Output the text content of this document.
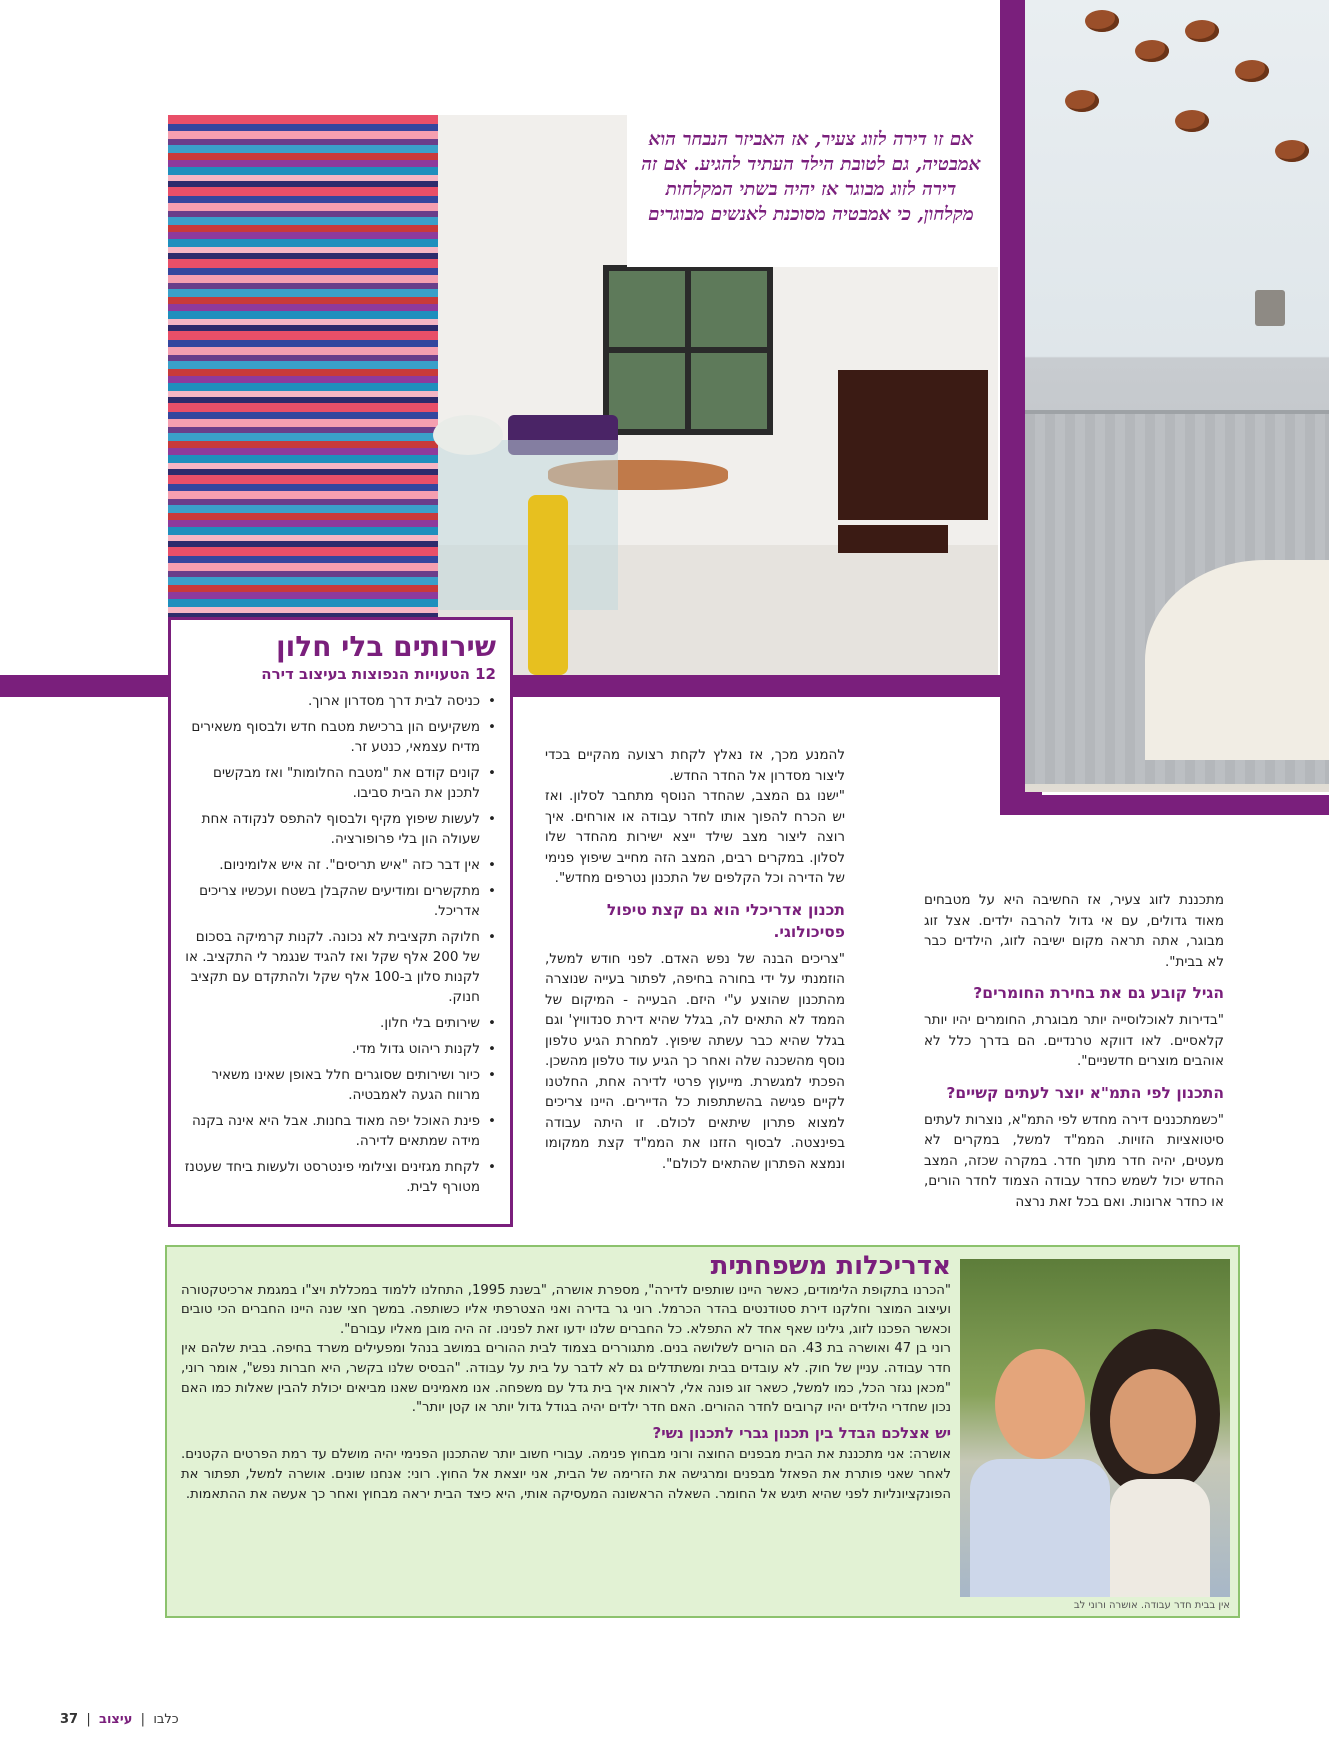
אם זו דירה לזוג צעיר, אז האביזר הנבחר הוא אמבטיה, גם לטובת הילד העתיד להגיע. אם זה דירה לזוג מבוגר אז יהיה בשתי המקלחות מקלחון, כי אמבטיה מסוכנת לאנשים מבוגרים

שירותים בלי חלון
12 הטעויות הנפוצות בעיצוב דירה
• כניסה לבית דרך מסדרון ארוך.
• משקיעים הון ברכישת מטבח חדש ולבסוף משאירים מדיח עצמאי, כנטע זר.
• קונים קודם את "מטבח החלומות" ואז מבקשים לתכנן את הבית סביבו.
• לעשות שיפוץ מקיף ולבסוף להתפס לנקודה אחת שעולה הון בלי פרופורציה.
• אין דבר כזה "איש תריסים". זה איש אלומיניום.
• מתקשרים ומודיעים שהקבלן בשטח ועכשיו צריכים אדריכל.
• חלוקה תקציבית לא נכונה. לקנות קרמיקה בסכום של 200 אלף שקל ואז להגיד שנגמר לי התקציב. או לקנות סלון ב-100 אלף שקל ולהתקדם עם תקציב חנוק.
• שירותים בלי חלון.
• לקנות ריהוט גדול מדי.
• כיור ושירותים שסוגרים חלל באופן שאינו משאיר מרווח הגעה לאמבטיה.
• פינת האוכל יפה מאוד בחנות. אבל היא אינה בקנה מידה שמתאים לדירה.
• לקחת מגזינים וצילומי פינטרסט ולעשות ביחד שעטנז מטורף לבית.

להמנע מכך, אז נאלץ לקחת רצועה מהקיים בכדי ליצור מסדרון אל החדר החדש.

"ישנו גם המצב, שהחדר הנוסף מתחבר לסלון. ואז יש הכרח להפוך אותו לחדר עבודה או אורחים. איך רוצה ליצור מצב שילד ייצא ישירות מהחדר שלו לסלון. במקרים רבים, המצב הזה מחייב שיפוץ פנימי של הדירה וכל הקלפים של התכנון נטרפים מחדש".

תכנון אדריכלי הוא גם קצת טיפול פסיכולוגי.

"צריכים הבנה של נפש האדם. לפני חודש למשל, הוזמנתי על ידי בחורה בחיפה, לפתור בעייה שנוצרה מהתכנון שהוצע ע"י היזם. הבעייה - המיקום של הממד לא התאים לה, בגלל שהיא דירת סנדוויץ' וגם בגלל שהיא כבר עשתה שיפוץ. למחרת הגיע טלפון נוסף מהשכנה שלה ואחר כך הגיע עוד טלפון מהשכן. הפכתי למגשרת. מייעוץ פרטי לדירה אחת, החלטנו לקיים פגישה בהשתתפות כל הדיירים. היינו צריכים למצוא פתרון שיתאים לכולם. זו היתה עבודה בפינצטה. לבסוף הזזנו את הממ"ד קצת ממקומו ונמצא הפתרון שהתאים לכולם".

מתכננת לזוג צעיר, אז החשיבה היא על מטבחים מאוד גדולים, עם אי גדול להרבה ילדים. אצל זוג מבוגר, אתה תראה מקום ישיבה לזוג, הילדים כבר לא בבית".

הגיל קובע גם את בחירת החומרים?

"בדירות לאוכלוסייה יותר מבוגרת, החומרים יהיו יותר קלאסיים. לאו דווקא טרנדיים. הם בדרך כלל לא אוהבים מוצרים חדשניים".

התכנון לפי התמ"א יוצר לעתים קשיים?

"כשמתכננים דירה מחדש לפי התמ"א, נוצרות לעתים סיטואציות הזויות. הממ"ד למשל, במקרים לא מעטים, יהיה חדר מתוך חדר. במקרה שכזה, המצב החדש יכול לשמש כחדר עבודה הצמוד לחדר הורים, או כחדר ארונות. ואם בכל זאת נרצה

אדריכלות משפחתית

"הכרנו בתקופת הלימודים, כאשר היינו שותפים לדירה", מספרת אושרה, "בשנת 1995, התחלנו ללמוד במכללת ויצ"ו במגמת ארכיטקטורה ועיצוב המוצר וחלקנו דירת סטודנטים בהדר הכרמל. רוני גר בדירה ואני הצטרפתי אליו כשותפה. במשך חצי שנה היינו החברים הכי טובים וכאשר הפכנו לזוג, גילינו שאף אחד לא התפלא. כל החברים שלנו ידעו זאת לפנינו. זה היה מובן מאליו עבורם".

רוני בן 47 ואושרה בת 43. הם הורים לשלושה בנים. מתגוררים בצמוד לבית ההורים במושב בנהל ומפעילים משרד בחיפה. בבית שלהם אין חדר עבודה. עניין של חוק. לא עובדים בבית ומשתדלים גם לא לדבר על בית על עבודה. "הבסיס שלנו בקשר, היא חברות נפש", אומר רוני, "מכאן נגזר הכל, כמו למשל, כשאר זוג פונה אלי, לראות איך בית גדל עם משפחה. אנו מאמינים שאנו מביאים יכולת להבין שאלות כמו האם נכון שחדרי הילדים יהיו קרובים לחדר ההורים. האם חדר ילדים יהיה בגודל גדול יותר או קטן יותר".

יש אצלכם הבדל בין תכנון גברי לתכנון נשי?

אושרה: אני מתכננת את הבית מבפנים החוצה ורוני מבחוץ פנימה. עבורי חשוב יותר שהתכנון הפנימי יהיה מושלם עד רמת הפרטים הקטנים. לאחר שאני פותרת את הפאזל מבפנים ומרגישה את הזרימה של הבית, אני יוצאת אל החוץ. רוני: אנחנו שונים. אושרה למשל, תפתור את הפונקציונליות לפני שהיא תיגש אל החומר. השאלה הראשונה המעסיקה אותי, היא כיצד הבית יראה מבחוץ ואחר כך אעשה את ההתאמות.

אין בבית חדר עבודה. אושרה ורוני לב
37  |	כלבו  |  עיצוב
